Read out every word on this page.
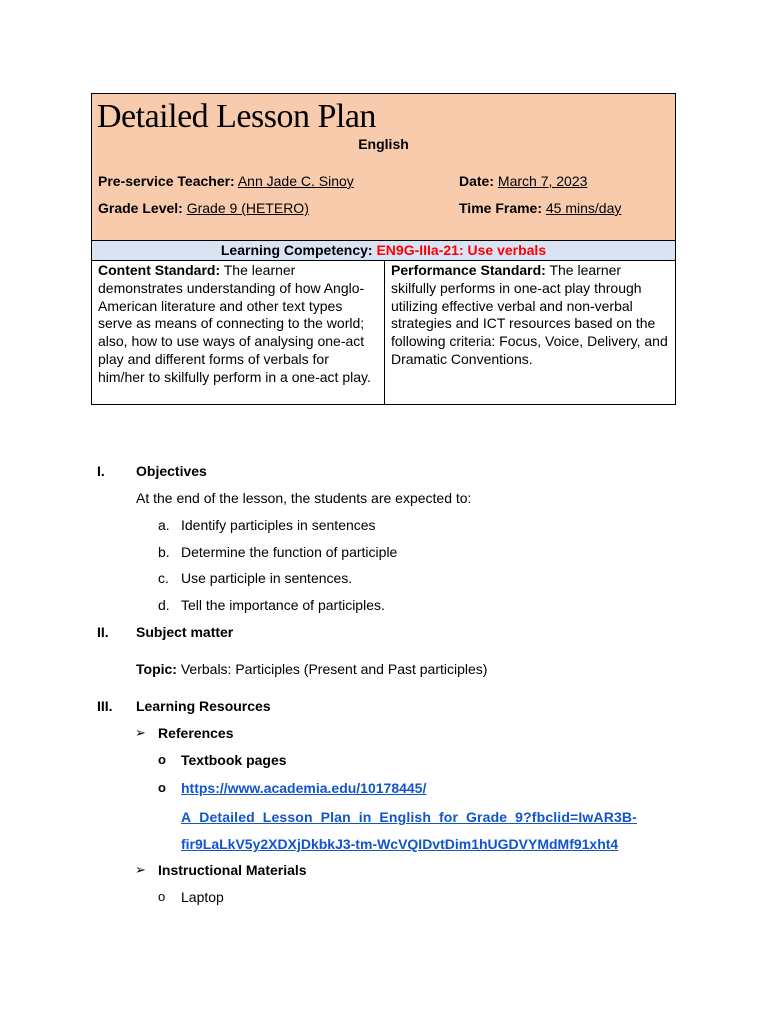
Detailed Lesson Plan
English
Pre-service Teacher: Ann Jade C. Sinoy	Date: March 7, 2023
Grade Level: Grade 9 (HETERO)	Time Frame: 45 mins/day
Learning Competency: EN9G-IIIa-21: Use verbals
Content Standard: The learner demonstrates understanding of how Anglo-American literature and other text types serve as means of connecting to the world; also, how to use ways of analysing one-act play and different forms of verbals for him/her to skilfully perform in a one-act play.
Performance Standard: The learner skilfully performs in one-act play through utilizing effective verbal and non-verbal strategies and ICT resources based on the following criteria: Focus, Voice, Delivery, and Dramatic Conventions.
I. Objectives
At the end of the lesson, the students are expected to:
a. Identify participles in sentences
b. Determine the function of participle
c. Use participle in sentences.
d. Tell the importance of participles.
II. Subject matter
Topic: Verbals: Participles (Present and Past participles)
III. Learning Resources
➢ References
o Textbook pages
o https://www.academia.edu/10178445/
A_Detailed_Lesson_Plan_in_English_for_Grade_9?fbclid=IwAR3B-
fir9LaLkV5y2XDXjDkbkJ3-tm-WcVQIDvtDim1hUGDVYMdMf91xht4
➢ Instructional Materials
o Laptop
